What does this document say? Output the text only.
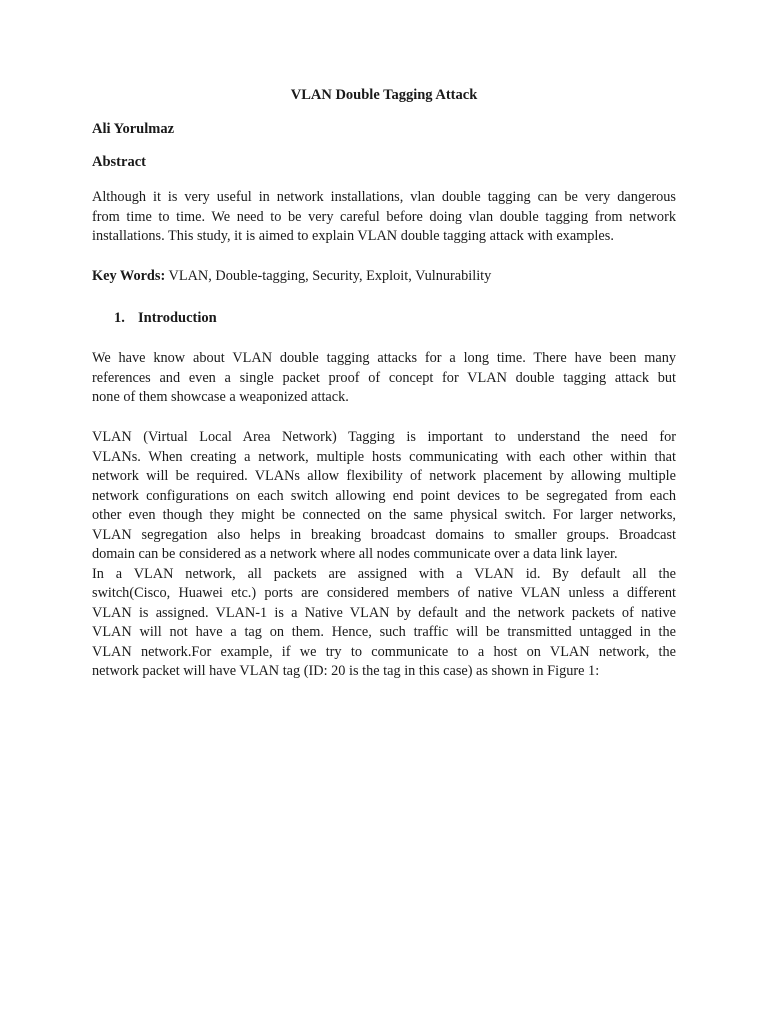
VLAN Double Tagging Attack
Ali Yorulmaz
Abstract
Although it is very useful in network installations, vlan double tagging can be very dangerous
from time to time. We need to be very careful before doing vlan double tagging from network
installations. This study, it is aimed to explain VLAN double tagging attack with examples.
Key Words: VLAN, Double-tagging, Security, Exploit, Vulnurability
1. Introduction
We have know about VLAN double tagging attacks for a long time. There have been many
references and even a single packet proof of concept for VLAN double tagging attack but
none of them showcase a weaponized attack.
VLAN (Virtual Local Area Network) Tagging is important to understand the need for
VLANs. When creating a network, multiple hosts communicating with each other within that
network will be required. VLANs allow flexibility of network placement by allowing multiple
network configurations on each switch allowing end point devices to be segregated from each
other even though they might be connected on the same physical switch. For larger networks,
VLAN segregation also helps in breaking broadcast domains to smaller groups. Broadcast
domain can be considered as a network where all nodes communicate over a data link layer.
In a VLAN network, all packets are assigned with a VLAN id. By default all the
switch(Cisco, Huawei etc.) ports are considered members of native VLAN unless a different
VLAN is assigned. VLAN-1 is a Native VLAN by default and the network packets of native
VLAN will not have a tag on them. Hence, such traffic will be transmitted untagged in the
VLAN network.For example, if we try to communicate to a host on VLAN network, the
network packet will have VLAN tag (ID: 20 is the tag in this case) as shown in Figure 1:
